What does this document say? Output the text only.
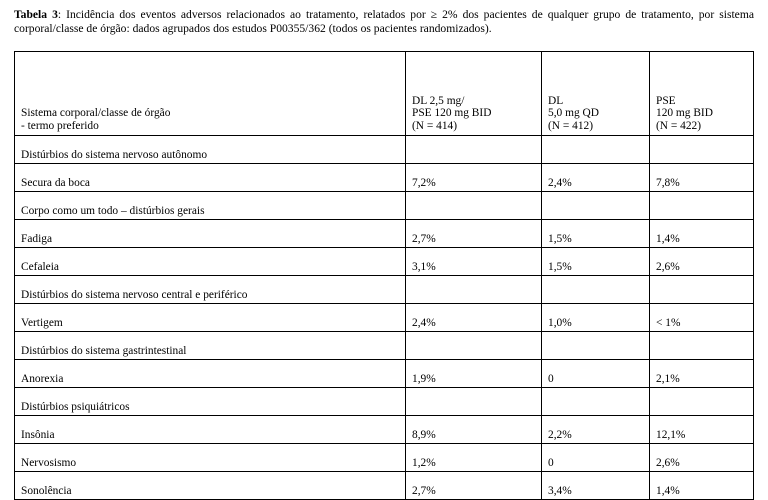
Tabela 3: Incidência dos eventos adversos relacionados ao tratamento, relatados por ≥ 2% dos pacientes de qualquer grupo de tratamento, por sistema corporal/classe de órgão: dados agrupados dos estudos P00355/362 (todos os pacientes randomizados).
Sistema corporal/classe de órgão
- termo preferido	DL 2,5 mg/
PSE 120 mg BID
(N = 414)	DL
5,0 mg QD
(N = 412)	PSE
120 mg BID
(N = 422)

Distúrbios do sistema nervoso autônomo			
Secura da boca	7,2%	2,4%	7,8%
Corpo como um todo – distúrbios gerais			
Fadiga	2,7%	1,5%	1,4%
Cefaleia	3,1%	1,5%	2,6%
Distúrbios do sistema nervoso central e periférico			
Vertigem	2,4%	1,0%	< 1%
Distúrbios do sistema gastrintestinal			
Anorexia	1,9%	0	2,1%
Distúrbios psiquiátricos			
Insônia	8,9%	2,2%	12,1%
Nervosismo	1,2%	0	2,6%
Sonolência	2,7%	3,4%	1,4%
